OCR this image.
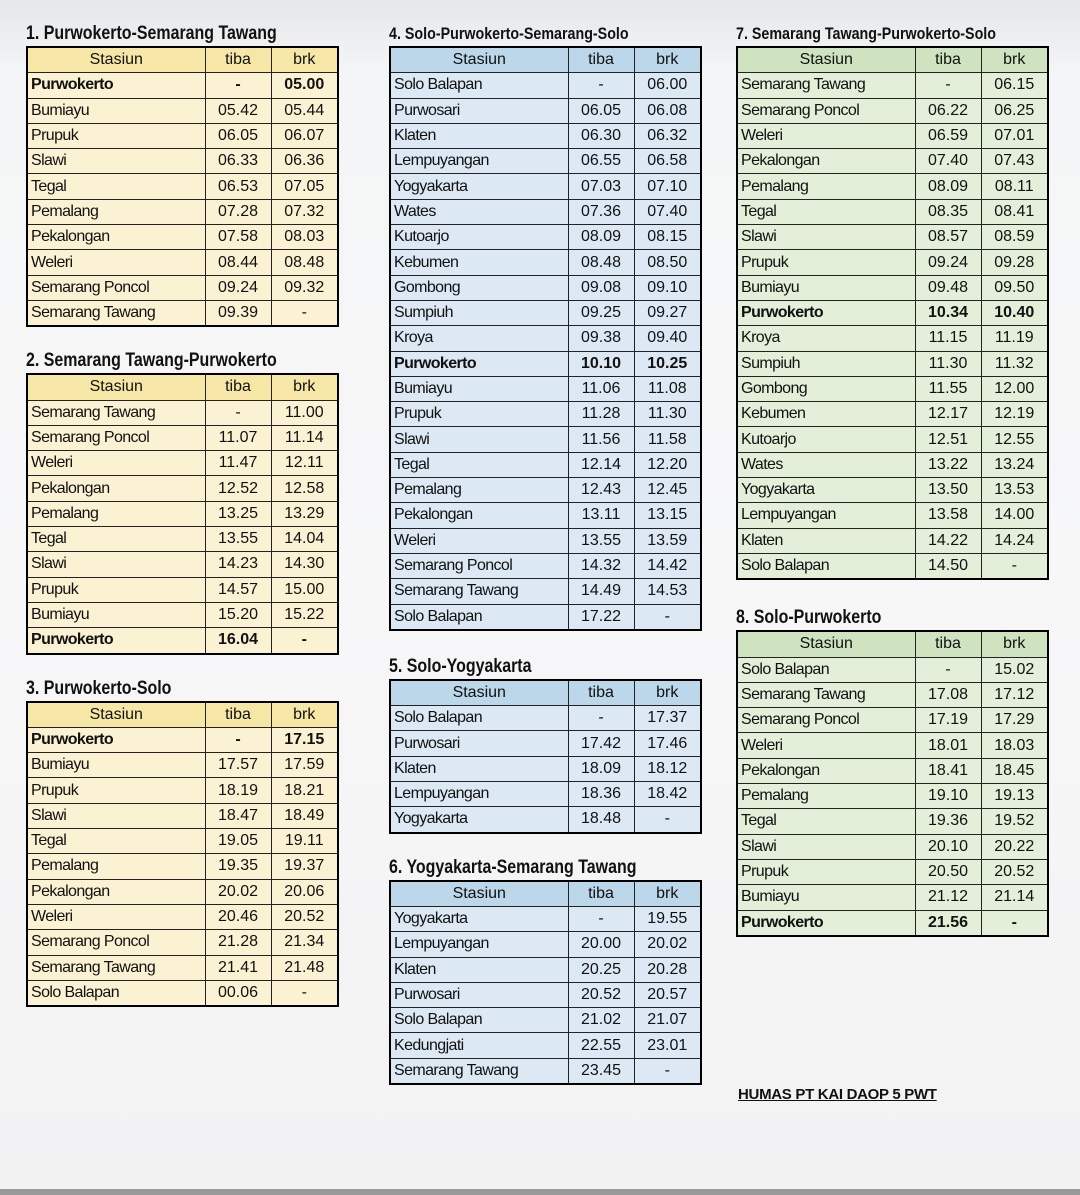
1. Purwokerto-Semarang Tawang
Stasiun	tiba	brk
Purwokerto	-	05.00
Bumiayu	05.42	05.44
Prupuk	06.05	06.07
Slawi	06.33	06.36
Tegal	06.53	07.05
Pemalang	07.28	07.32
Pekalongan	07.58	08.03
Weleri	08.44	08.48
Semarang Poncol	09.24	09.32
Semarang Tawang	09.39	-
2. Semarang Tawang-Purwokerto
Stasiun	tiba	brk
Semarang Tawang	-	11.00
Semarang Poncol	11.07	11.14
Weleri	11.47	12.11
Pekalongan	12.52	12.58
Pemalang	13.25	13.29
Tegal	13.55	14.04
Slawi	14.23	14.30
Prupuk	14.57	15.00
Bumiayu	15.20	15.22
Purwokerto	16.04	-
3. Purwokerto-Solo
Stasiun	tiba	brk
Purwokerto	-	17.15
Bumiayu	17.57	17.59
Prupuk	18.19	18.21
Slawi	18.47	18.49
Tegal	19.05	19.11
Pemalang	19.35	19.37
Pekalongan	20.02	20.06
Weleri	20.46	20.52
Semarang Poncol	21.28	21.34
Semarang Tawang	21.41	21.48
Solo Balapan	00.06	-
4. Solo-Purwokerto-Semarang-Solo
Stasiun	tiba	brk
Solo Balapan	-	06.00
Purwosari	06.05	06.08
Klaten	06.30	06.32
Lempuyangan	06.55	06.58
Yogyakarta	07.03	07.10
Wates	07.36	07.40
Kutoarjo	08.09	08.15
Kebumen	08.48	08.50
Gombong	09.08	09.10
Sumpiuh	09.25	09.27
Kroya	09.38	09.40
Purwokerto	10.10	10.25
Bumiayu	11.06	11.08
Prupuk	11.28	11.30
Slawi	11.56	11.58
Tegal	12.14	12.20
Pemalang	12.43	12.45
Pekalongan	13.11	13.15
Weleri	13.55	13.59
Semarang Poncol	14.32	14.42
Semarang Tawang	14.49	14.53
Solo Balapan	17.22	-
5. Solo-Yogyakarta
Stasiun	tiba	brk
Solo Balapan	-	17.37
Purwosari	17.42	17.46
Klaten	18.09	18.12
Lempuyangan	18.36	18.42
Yogyakarta	18.48	-
6. Yogyakarta-Semarang Tawang
Stasiun	tiba	brk
Yogyakarta	-	19.55
Lempuyangan	20.00	20.02
Klaten	20.25	20.28
Purwosari	20.52	20.57
Solo Balapan	21.02	21.07
Kedungjati	22.55	23.01
Semarang Tawang	23.45	-
7. Semarang Tawang-Purwokerto-Solo
Stasiun	tiba	brk
Semarang Tawang	-	06.15
Semarang Poncol	06.22	06.25
Weleri	06.59	07.01
Pekalongan	07.40	07.43
Pemalang	08.09	08.11
Tegal	08.35	08.41
Slawi	08.57	08.59
Prupuk	09.24	09.28
Bumiayu	09.48	09.50
Purwokerto	10.34	10.40
Kroya	11.15	11.19
Sumpiuh	11.30	11.32
Gombong	11.55	12.00
Kebumen	12.17	12.19
Kutoarjo	12.51	12.55
Wates	13.22	13.24
Yogyakarta	13.50	13.53
Lempuyangan	13.58	14.00
Klaten	14.22	14.24
Solo Balapan	14.50	-
8. Solo-Purwokerto
Stasiun	tiba	brk
Solo Balapan	-	15.02
Semarang Tawang	17.08	17.12
Semarang Poncol	17.19	17.29
Weleri	18.01	18.03
Pekalongan	18.41	18.45
Pemalang	19.10	19.13
Tegal	19.36	19.52
Slawi	20.10	20.22
Prupuk	20.50	20.52
Bumiayu	21.12	21.14
Purwokerto	21.56	-
HUMAS PT KAI DAOP 5 PWT
